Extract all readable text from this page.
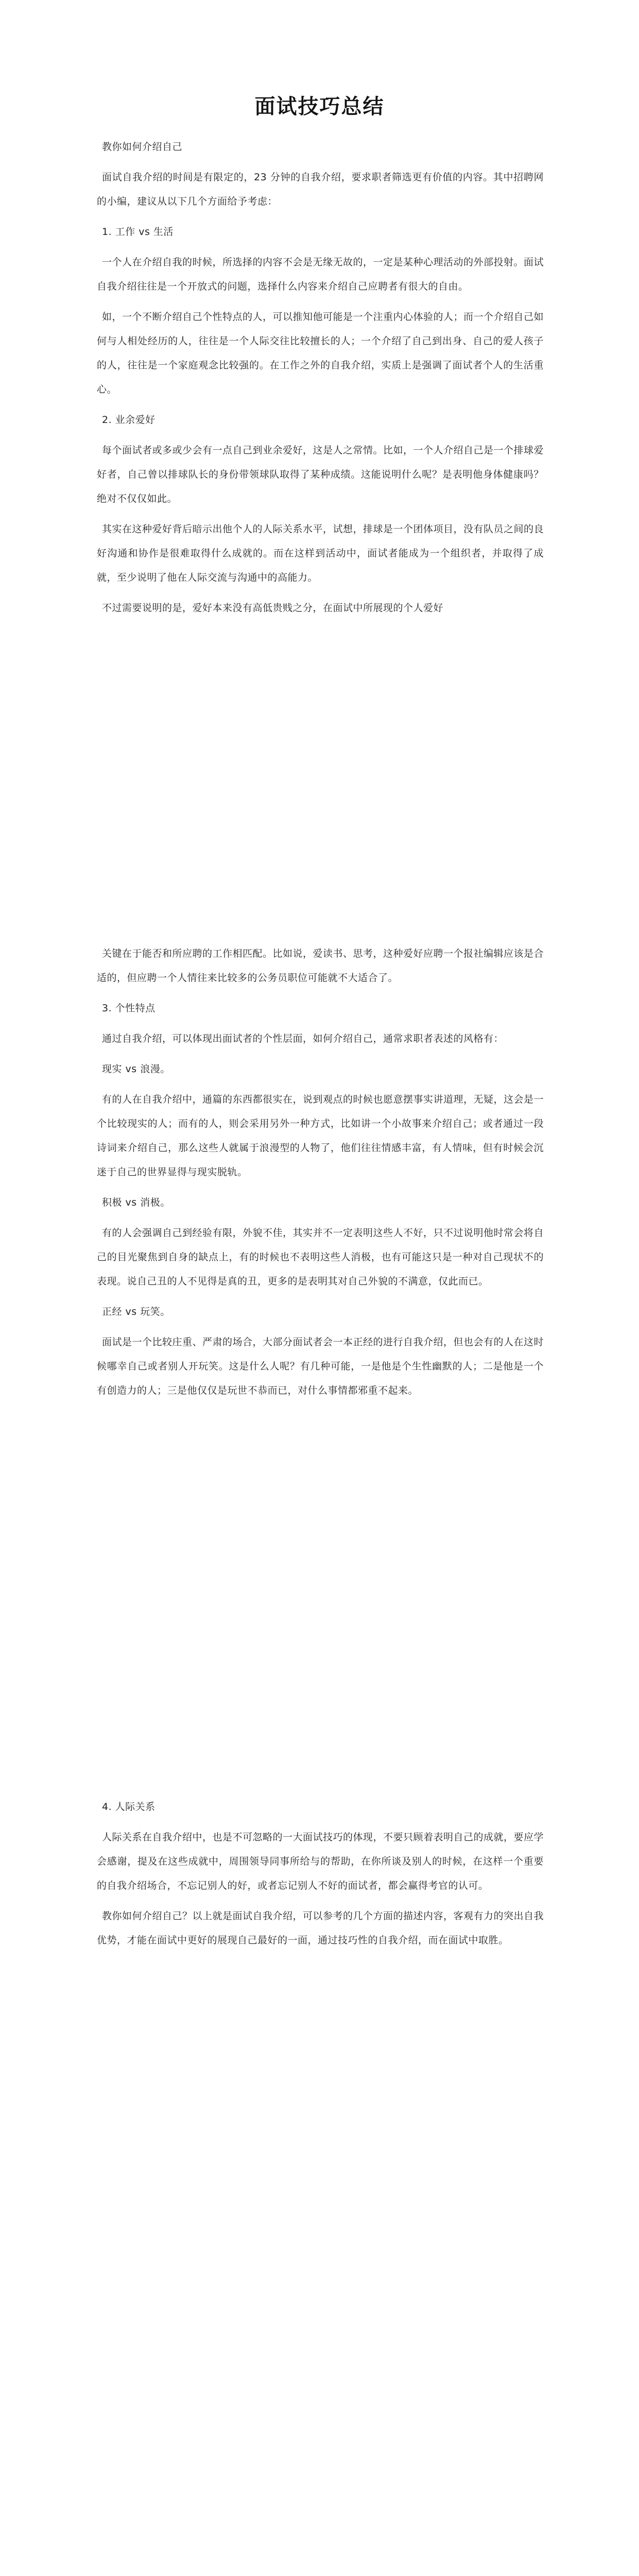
面试技巧总结

教你如何介绍自己

面试自我介绍的时间是有限定的，23 分钟的自我介绍，要求职者筛选更有价值的内容。其中招聘网的小编，建议从以下几个方面给予考虑：

1. 工作 vs 生活

一个人在介绍自我的时候，所选择的内容不会是无缘无故的，一定是某种心理活动的外部投射。面试自我介绍往往是一个开放式的问题，选择什么内容来介绍自己应聘者有很大的自由。

如，一个不断介绍自己个性特点的人，可以推知他可能是一个注重内心体验的人；而一个介绍自己如何与人相处经历的人，往往是一个人际交往比较擅长的人；一个介绍了自己到出身、自己的爱人孩子的人，往往是一个家庭观念比较强的。在工作之外的自我介绍，实质上是强调了面试者个人的生活重心。

2. 业余爱好

每个面试者或多或少会有一点自己到业余爱好，这是人之常情。比如，一个人介绍自己是一个排球爱好者，自己曾以排球队长的身份带领球队取得了某种成绩。这能说明什么呢？是表明他身体健康吗？绝对不仅仅如此。

其实在这种爱好背后暗示出他个人的人际关系水平，试想，排球是一个团体项目，没有队员之间的良好沟通和协作是很难取得什么成就的。而在这样到活动中，面试者能成为一个组织者，并取得了成就，至少说明了他在人际交流与沟通中的高能力。

不过需要说明的是，爱好本来没有高低贵贱之分，在面试中所展现的个人爱好

关键在于能否和所应聘的工作相匹配。比如说，爱读书、思考，这种爱好应聘一个报社编辑应该是合适的，但应聘一个人情往来比较多的公务员职位可能就不大适合了。

3. 个性特点

通过自我介绍，可以体现出面试者的个性层面，如何介绍自己，通常求职者表述的风格有：

现实 vs 浪漫。

有的人在自我介绍中，通篇的东西都很实在，说到观点的时候也愿意摆事实讲道理，无疑，这会是一个比较现实的人；而有的人，则会采用另外一种方式，比如讲一个小故事来介绍自己；或者通过一段诗词来介绍自己，那么这些人就属于浪漫型的人物了，他们往往情感丰富，有人情味，但有时候会沉迷于自己的世界显得与现实脱轨。

积极 vs 消极。

有的人会强调自己到经验有限，外貌不佳，其实并不一定表明这些人不好，只不过说明他时常会将自己的目光聚焦到自身的缺点上，有的时候也不表明这些人消极，也有可能这只是一种对自己现状不的表现。说自己丑的人不见得是真的丑，更多的是表明其对自己外貌的不满意，仅此而已。

正经 vs 玩笑。

面试是一个比较庄重、严肃的场合，大部分面试者会一本正经的进行自我介绍，但也会有的人在这时候哪幸自己或者别人开玩笑。这是什么人呢？有几种可能，一是他是个生性幽默的人；二是他是一个有创造力的人；三是他仅仅是玩世不恭而已，对什么事情都邪重不起来。

4. 人际关系

人际关系在自我介绍中，也是不可忽略的一大面试技巧的体现，不要只顾着表明自己的成就，要应学会感谢，提及在这些成就中，周围领导同事所给与的帮助，在你所谈及别人的时候，在这样一个重要的自我介绍场合，不忘记别人的好，或者忘记别人不好的面试者，都会赢得考官的认可。

教你如何介绍自己？以上就是面试自我介绍，可以参考的几个方面的描述内容，客观有力的突出自我优势，才能在面试中更好的展现自己最好的一面，通过技巧性的自我介绍，而在面试中取胜。
